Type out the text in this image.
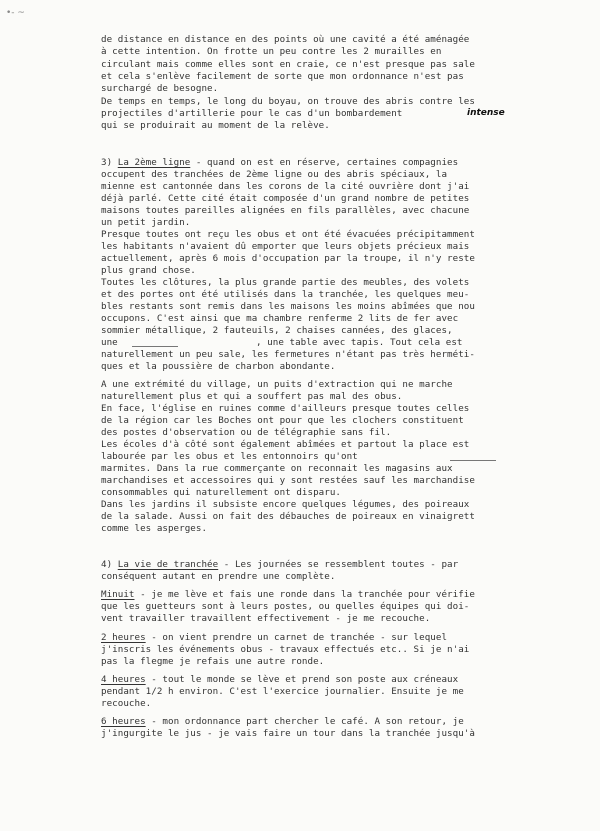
•- ~
de distance en distance en des points où une cavité a été aménagée
à cette intention. On frotte un peu contre les 2 murailles en
circulant mais comme elles sont en craie, ce n'est presque pas sale
et cela s'enlève facilement de sorte que mon ordonnance n'est pas
surchargé de besogne.
De temps en temps, le long du boyau, on trouve des abris contre les
projectiles d'artillerie pour le cas d'un bombardement	intense
qui se produirait au moment de la relève.
3) La 2ème ligne - quand on est en réserve, certaines compagnies
occupent des tranchées de 2ème ligne ou des abris spéciaux, la
mienne est cantonnée dans les corons de la cité ouvrière dont j'ai
déjà parlé. Cette cité était composée d'un grand nombre de petites
maisons toutes pareilles alignées en fils parallèles, avec chacune
un petit jardin.
Presque toutes ont reçu les obus et ont été évacuées précipitamment
les habitants n'avaient dû emporter que leurs objets précieux mais
actuellement, après 6 mois d'occupation par la troupe, il n'y reste
plus grand chose.
Toutes les clôtures, la plus grande partie des meubles, des volets
et des portes ont été utilisés dans la tranchée, les quelques meu-
bles restants sont remis dans les maisons les moins abîmées que nou
occupons. C'est ainsi que ma chambre renferme 2 lits de fer avec
sommier métallique, 2 fauteuils, 2 chaises cannées, des glaces,
une	, une table avec tapis. Tout cela est
naturellement un peu sale, les fermetures n'étant pas très herméti-
ques et la poussière de charbon abondante.
A une extrémité du village, un puits d'extraction qui ne marche
naturellement plus et qui a souffert pas mal des obus.
En face, l'église en ruines comme d'ailleurs presque toutes celles
de la région car les Boches ont pour que les clochers constituent
des postes d'observation ou de télégraphie sans fil.
Les écoles d'à côté sont également abîmées et partout la place est
labourée par les obus et les entonnoirs qu'ont
marmites. Dans la rue commerçante on reconnait les magasins aux
marchandises et accessoires qui y sont restées sauf les marchandise
consommables qui naturellement ont disparu.
Dans les jardins il subsiste encore quelques légumes, des poireaux
de la salade. Aussi on fait des débauches de poireaux en vinaigrett
comme les asperges.
4) La vie de tranchée - Les journées se ressemblent toutes - par
conséquent autant en prendre une complète.
Minuit - je me lève et fais une ronde dans la tranchée pour vérifie
que les guetteurs sont à leurs postes, ou quelles équipes qui doi-
vent travailler travaillent effectivement - je me recouche.
2 heures - on vient prendre un carnet de tranchée - sur lequel
j'inscris les événements obus - travaux effectués etc.. Si je n'ai
pas la flegme je refais une autre ronde.
4 heures - tout le monde se lève et prend son poste aux créneaux
pendant 1/2 h environ. C'est l'exercice journalier. Ensuite je me
recouche.
6 heures - mon ordonnance part chercher le café. A son retour, je
j'ingurgite le jus - je vais faire un tour dans la tranchée jusqu'à
